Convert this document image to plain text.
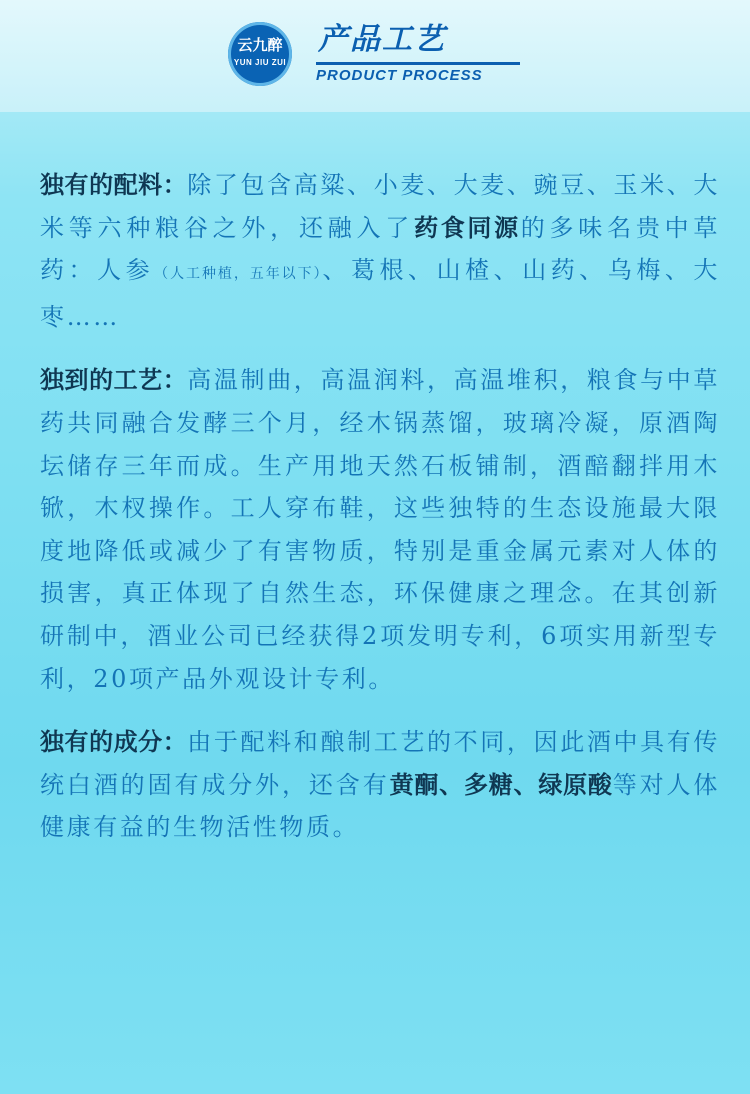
云九醉
YUN JIU ZUI
产品工艺
PRODUCT PROCESS

独有的配料：除了包含高粱、小麦、大麦、豌豆、玉米、大米等六种粮谷之外，还融入了药食同源的多味名贵中草药：人参（人工种植，五年以下）、葛根、山楂、山药、乌梅、大枣……

独到的工艺：高温制曲，高温润料，高温堆积，粮食与中草药共同融合发酵三个月，经木锅蒸馏，玻璃冷凝，原酒陶坛储存三年而成。生产用地天然石板铺制，酒醅翻拌用木锨，木杈操作。工人穿布鞋，这些独特的生态设施最大限度地降低或减少了有害物质，特别是重金属元素对人体的损害，真正体现了自然生态，环保健康之理念。在其创新研制中，酒业公司已经获得2项发明专利，6项实用新型专利，20项产品外观设计专利。

独有的成分：由于配料和酿制工艺的不同，因此酒中具有传统白酒的固有成分外，还含有黄酮、多糖、绿原酸等对人体健康有益的生物活性物质。
